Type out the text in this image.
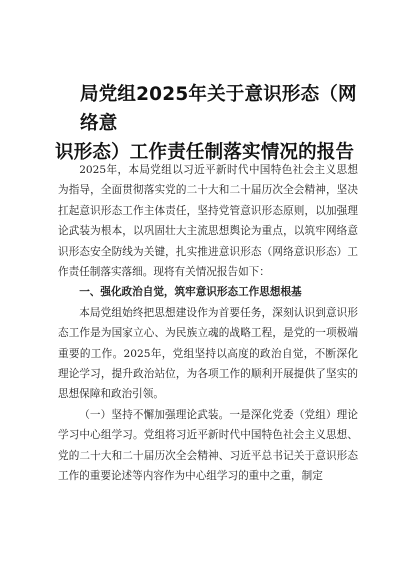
局党组2025年关于意识形态（网络意
识形态）工作责任制落实情况的报告

2025年，本局党组以习近平新时代中国特色社会主义思想为指导，全面贯彻落实党的二十大和二十届历次全会精神，坚决扛起意识形态工作主体责任，坚持党管意识形态原则，以加强理论武装为根本，以巩固壮大主流思想舆论为重点，以筑牢网络意识形态安全防线为关键，扎实推进意识形态（网络意识形态）工作责任制落实落细。现将有关情况报告如下：

一、强化政治自觉，筑牢意识形态工作思想根基

本局党组始终把思想建设作为首要任务，深刻认识到意识形态工作是为国家立心、为民族立魂的战略工程，是党的一项极端重要的工作。2025年，党组坚持以高度的政治自觉，不断深化理论学习，提升政治站位，为各项工作的顺利开展提供了坚实的思想保障和政治引领。

（一）坚持不懈加强理论武装。一是深化党委（党组）理论学习中心组学习。党组将习近平新时代中国特色社会主义思想、党的二十大和二十届历次全会精神、习近平总书记关于意识形态工作的重要论述等内容作为中心组学习的重中之重，制定
